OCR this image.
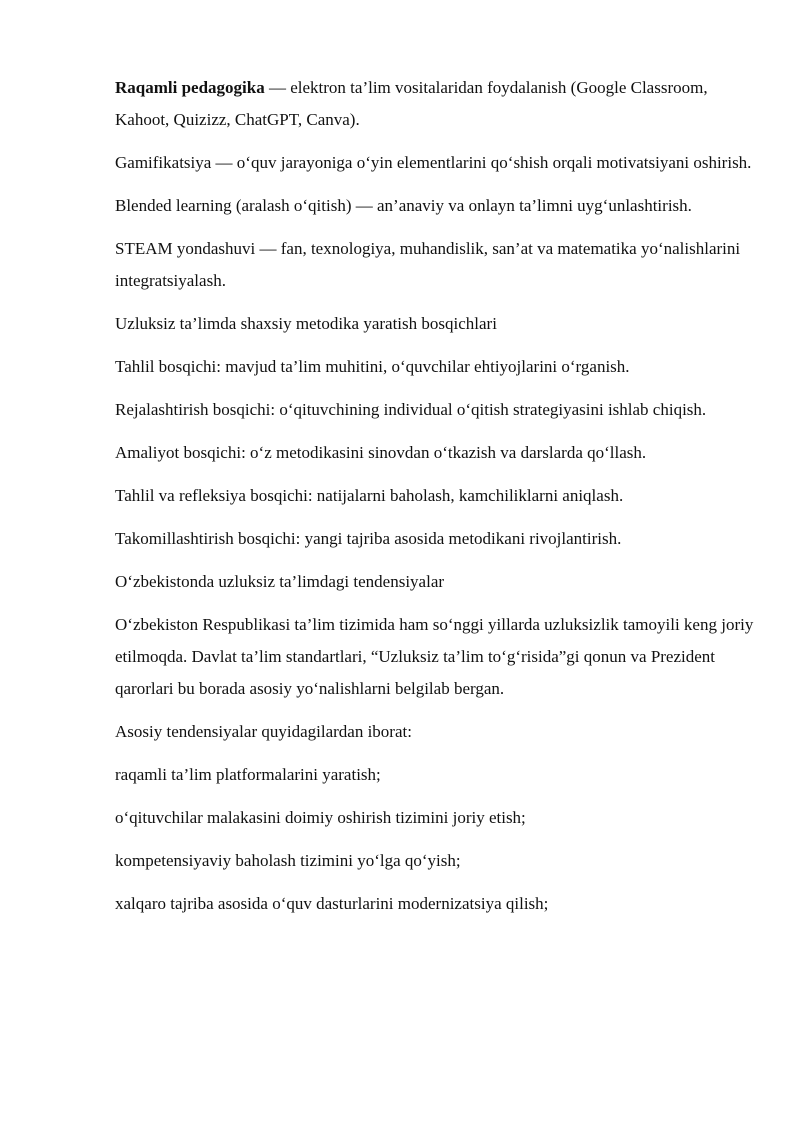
Raqamli pedagogika — elektron ta’lim vositalaridan foydalanish (Google Classroom, Kahoot, Quizizz, ChatGPT, Canva).

Gamifikatsiya — o‘quv jarayoniga o‘yin elementlarini qo‘shish orqali motivatsiyani oshirish.

Blended learning (aralash o‘qitish) — an’anaviy va onlayn ta’limni uyg‘unlashtirish.

STEAM yondashuvi — fan, texnologiya, muhandislik, san’at va matematika yo‘nalishlarini integratsiyalash.

Uzluksiz ta’limda shaxsiy metodika yaratish bosqichlari

Tahlil bosqichi: mavjud ta’lim muhitini, o‘quvchilar ehtiyojlarini o‘rganish.

Rejalashtirish bosqichi: o‘qituvchining individual o‘qitish strategiyasini ishlab chiqish.

Amaliyot bosqichi: o‘z metodikasini sinovdan o‘tkazish va darslarda qo‘llash.

Tahlil va refleksiya bosqichi: natijalarni baholash, kamchiliklarni aniqlash.

Takomillashtirish bosqichi: yangi tajriba asosida metodikani rivojlantirish.

O‘zbekistonda uzluksiz ta’limdagi tendensiyalar

O‘zbekiston Respublikasi ta’lim tizimida ham so‘nggi yillarda uzluksizlik tamoyili keng joriy etilmoqda. Davlat ta’lim standartlari, “Uzluksiz ta’lim to‘g‘risida”gi qonun va Prezident qarorlari bu borada asosiy yo‘nalishlarni belgilab bergan.

Asosiy tendensiyalar quyidagilardan iborat:

raqamli ta’lim platformalarini yaratish;

o‘qituvchilar malakasini doimiy oshirish tizimini joriy etish;

kompetensiyaviy baholash tizimini yo‘lga qo‘yish;

xalqaro tajriba asosida o‘quv dasturlarini modernizatsiya qilish;
